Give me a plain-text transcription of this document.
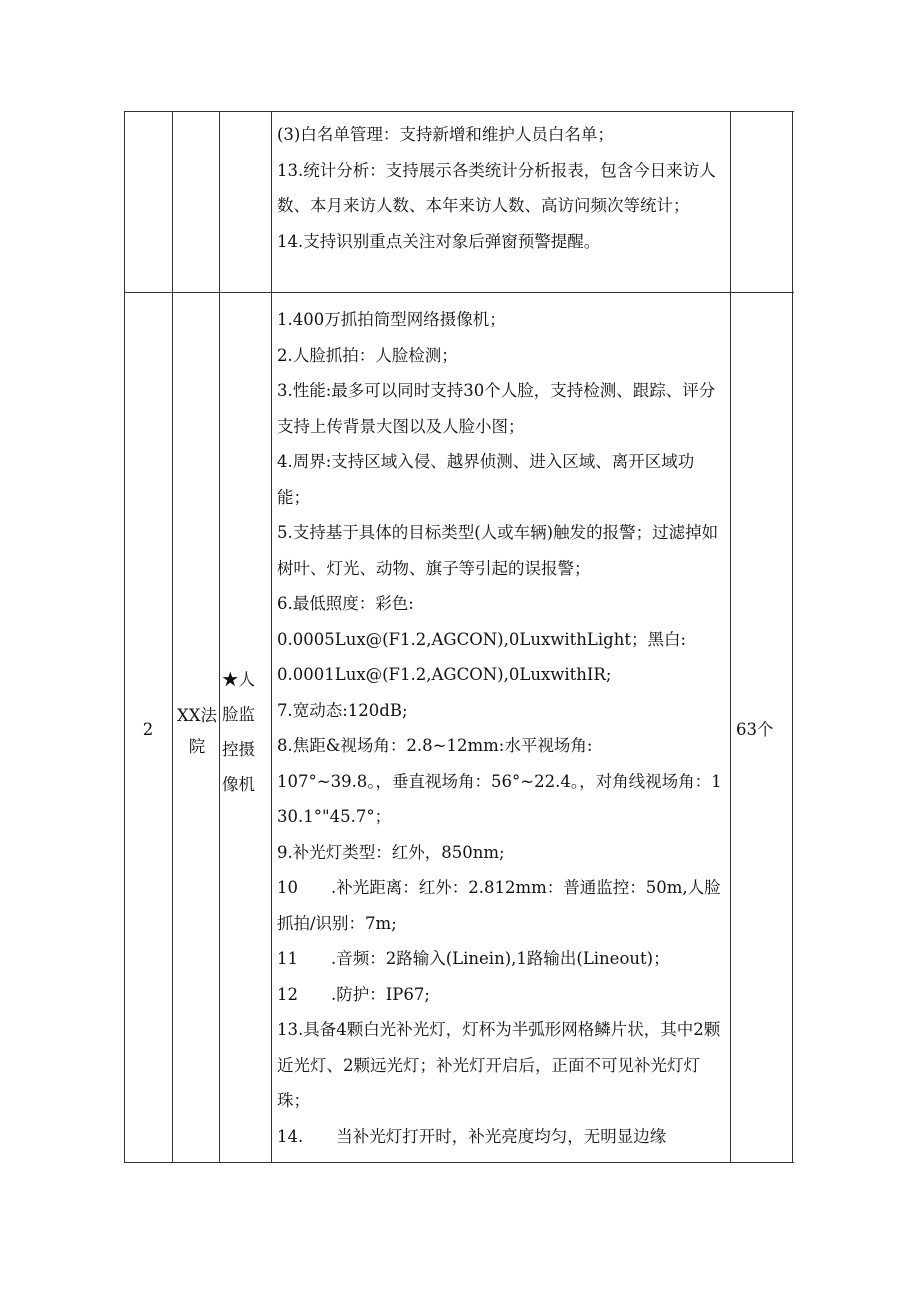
(3)白名单管理：支持新增和维护人员白名单；
13.统计分析：支持展示各类统计分析报表，包含今日来访人数、本月来访人数、本年来访人数、高访问频次等统计；
14.支持识别重点关注对象后弹窗预警提醒。
2
XX法
院
★人
脸监
控摄
像机
1.400万抓拍筒型网络摄像机；
2.人脸抓拍：人脸检测；
3.性能:最多可以同时支持30个人脸，支持检测、跟踪、评分支持上传背景大图以及人脸小图；
4.周界:支持区域入侵、越界侦测、进入区域、离开区域功能；
5.支持基于具体的目标类型(人或车辆)触发的报警；过滤掉如树叶、灯光、动物、旗子等引起的误报警；
6.最低照度：彩色:
0.0005Lux@(F1.2,AGCON),0LuxwithLight；黑白:
0.0001Lux@(F1.2,AGCON),0LuxwithIR;
7.宽动态:120dB;
8.焦距&视场角：2.8~12mm:水平视场角:
107°~39.8。，垂直视场角：56°~22.4。，对角线视场角：130.1°"45.7°；
9.补光灯类型：红外，850nm;
10　　.补光距离：红外：2.812mm：普通监控：50m,人脸抓拍/识别：7m;
11　　.音频：2路输入(Linein),1路输出(Lineout)；
12　　.防护：IP67;
13.具备4颗白光补光灯，灯杯为半弧形网格鳞片状，其中2颗近光灯、2颗远光灯；补光灯开启后，正面不可见补光灯灯珠；
14.　　当补光灯打开时，补光亮度均匀，无明显边缘
63个
